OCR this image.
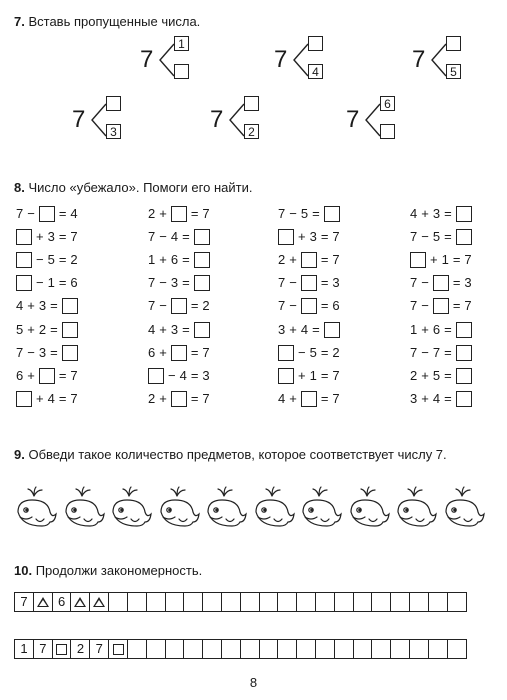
7. Вставь пропущенные числа.
7
1
7	4	7	5
7	3	7	2	7
6
8. Число «убежало». Помоги его найти.
7 − = 4
+ 3 = 7
− 5 = 2
− 1 = 6
4 + 3 =
5 + 2 =
7 − 3 =
6 + = 7
+ 4 = 7
2 + = 7
7 − 4 =
1 + 6 =
7 − 3 =
7 − = 2
4 + 3 =
6 + = 7
− 4 = 3
2 + = 7
7 − 5 =
+ 3 = 7
2 + = 7
7 − = 3
7 − = 6
3 + 4 =
− 5 = 2
+ 1 = 7
4 + = 7
4 + 3 =
7 − 5 =
+ 1 = 7
7 − = 3
7 − = 7
1 + 6 =
7 − 7 =
2 + 5 =
3 + 4 =
9. Обведи такое количество предметов, которое соответствует числу 7.
10. Продолжи закономерность.
7	6
1 7	2 7
8
